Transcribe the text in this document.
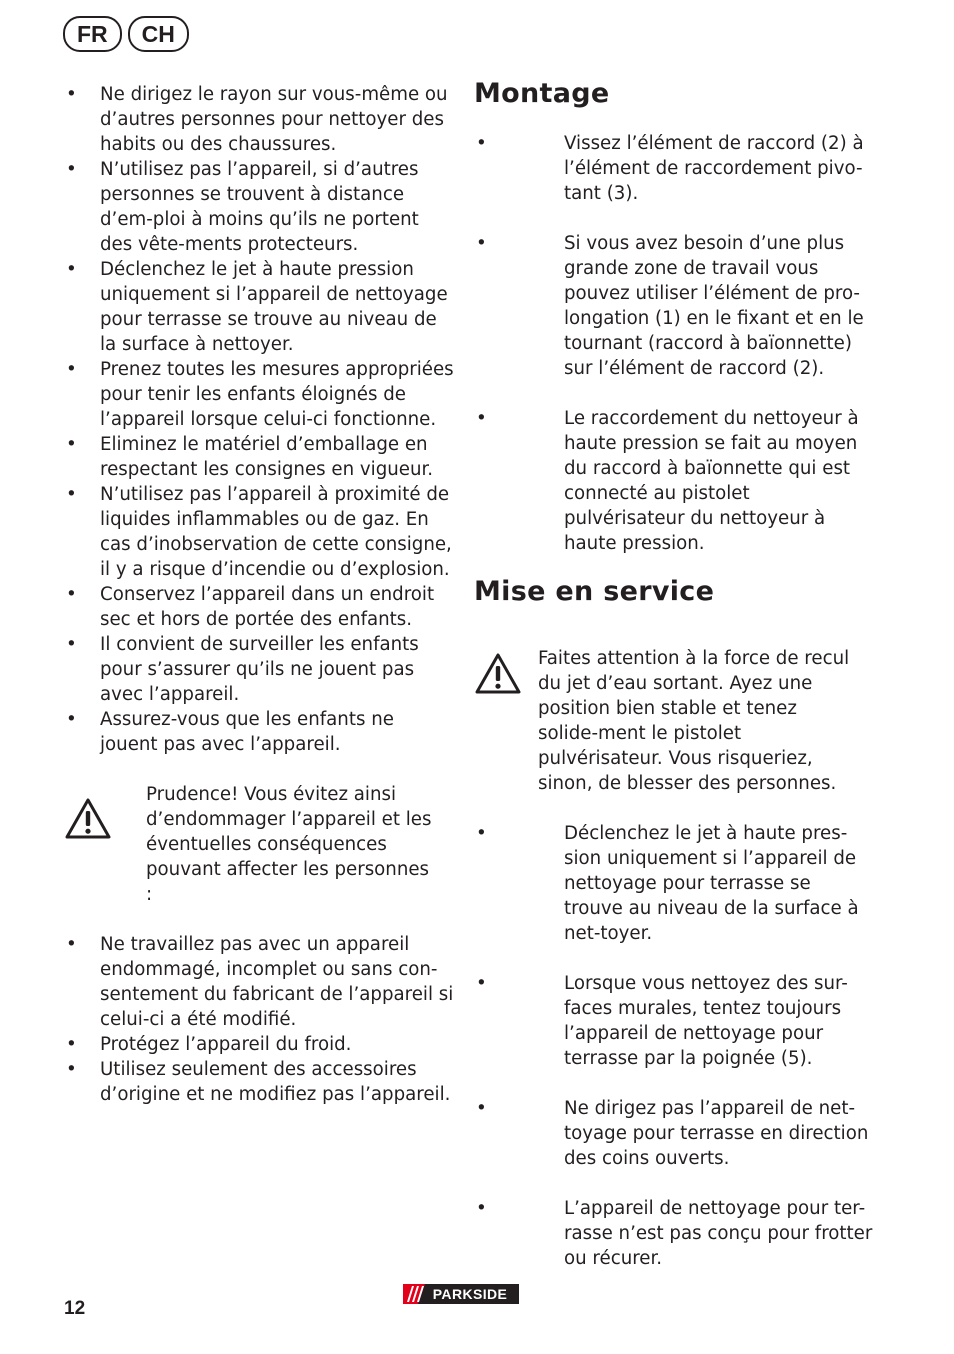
FR	CH
• Ne dirigez le rayon sur vous-même ou d’autres personnes pour nettoyer des habits ou des chaussures.
• N’utilisez pas l’appareil, si d’autres personnes se trouvent à distance d’em-ploi à moins qu’ils ne portent des vête-ments protecteurs.
• Déclenchez le jet à haute pression uniquement si l’appareil de nettoyage pour terrasse se trouve au niveau de la surface à nettoyer.
• Prenez toutes les mesures appropriées pour tenir les enfants éloignés de l’appareil lorsque celui-ci fonctionne.
• Eliminez le matériel d’emballage en respectant les consignes en vigueur.
• N’utilisez pas l’appareil à proximité de liquides inflammables ou de gaz. En cas d’inobservation de cette consigne, il y a risque d’incendie ou d’explosion.
• Conservez l’appareil dans un endroit sec et hors de portée des enfants.
• Il convient de surveiller les enfants pour s’assurer qu’ils ne jouent pas avec l’appareil.
• Assurez-vous que les enfants ne jouent pas avec l’appareil.
Prudence! Vous évitez ainsi d’endommager l’appareil et les éventuelles conséquences pouvant affecter les personnes :
• Ne travaillez pas avec un appareil endommagé, incomplet ou sans con-sentement du fabricant de l’appareil si celui-ci a été modifié.
• Protégez l’appareil du froid.
• Utilisez seulement des accessoires d’origine et ne modifiez pas l’appareil.
Montage
• Vissez l’élément de raccord (2) à l’élément de raccordement pivo-tant (3).
• Si vous avez besoin d’une plus grande zone de travail vous pouvez utiliser l’élément de pro-longation (1) en le fixant et en le tournant (raccord à baïonnette) sur l’élément de raccord (2).
• Le raccordement du nettoyeur à haute pression se fait au moyen du raccord à baïonnette qui est connecté au pistolet pulvérisateur du nettoyeur à haute pression.
Mise en service
Faites attention à la force de recul du jet d’eau sortant. Ayez une position bien stable et tenez solide-ment le pistolet pulvérisateur. Vous risqueriez, sinon, de blesser des personnes.
• Déclenchez le jet à haute pres-sion uniquement si l’appareil de nettoyage pour terrasse se trouve au niveau de la surface à net-toyer.
• Lorsque vous nettoyez des sur-faces murales, tentez toujours l’appareil de nettoyage pour terrasse par la poignée (5).
• Ne dirigez pas l’appareil de net-toyage pour terrasse en direction des coins ouverts.
• L’appareil de nettoyage pour ter-rasse n’est pas conçu pour frotter ou récurer.
12
PARKSIDE
